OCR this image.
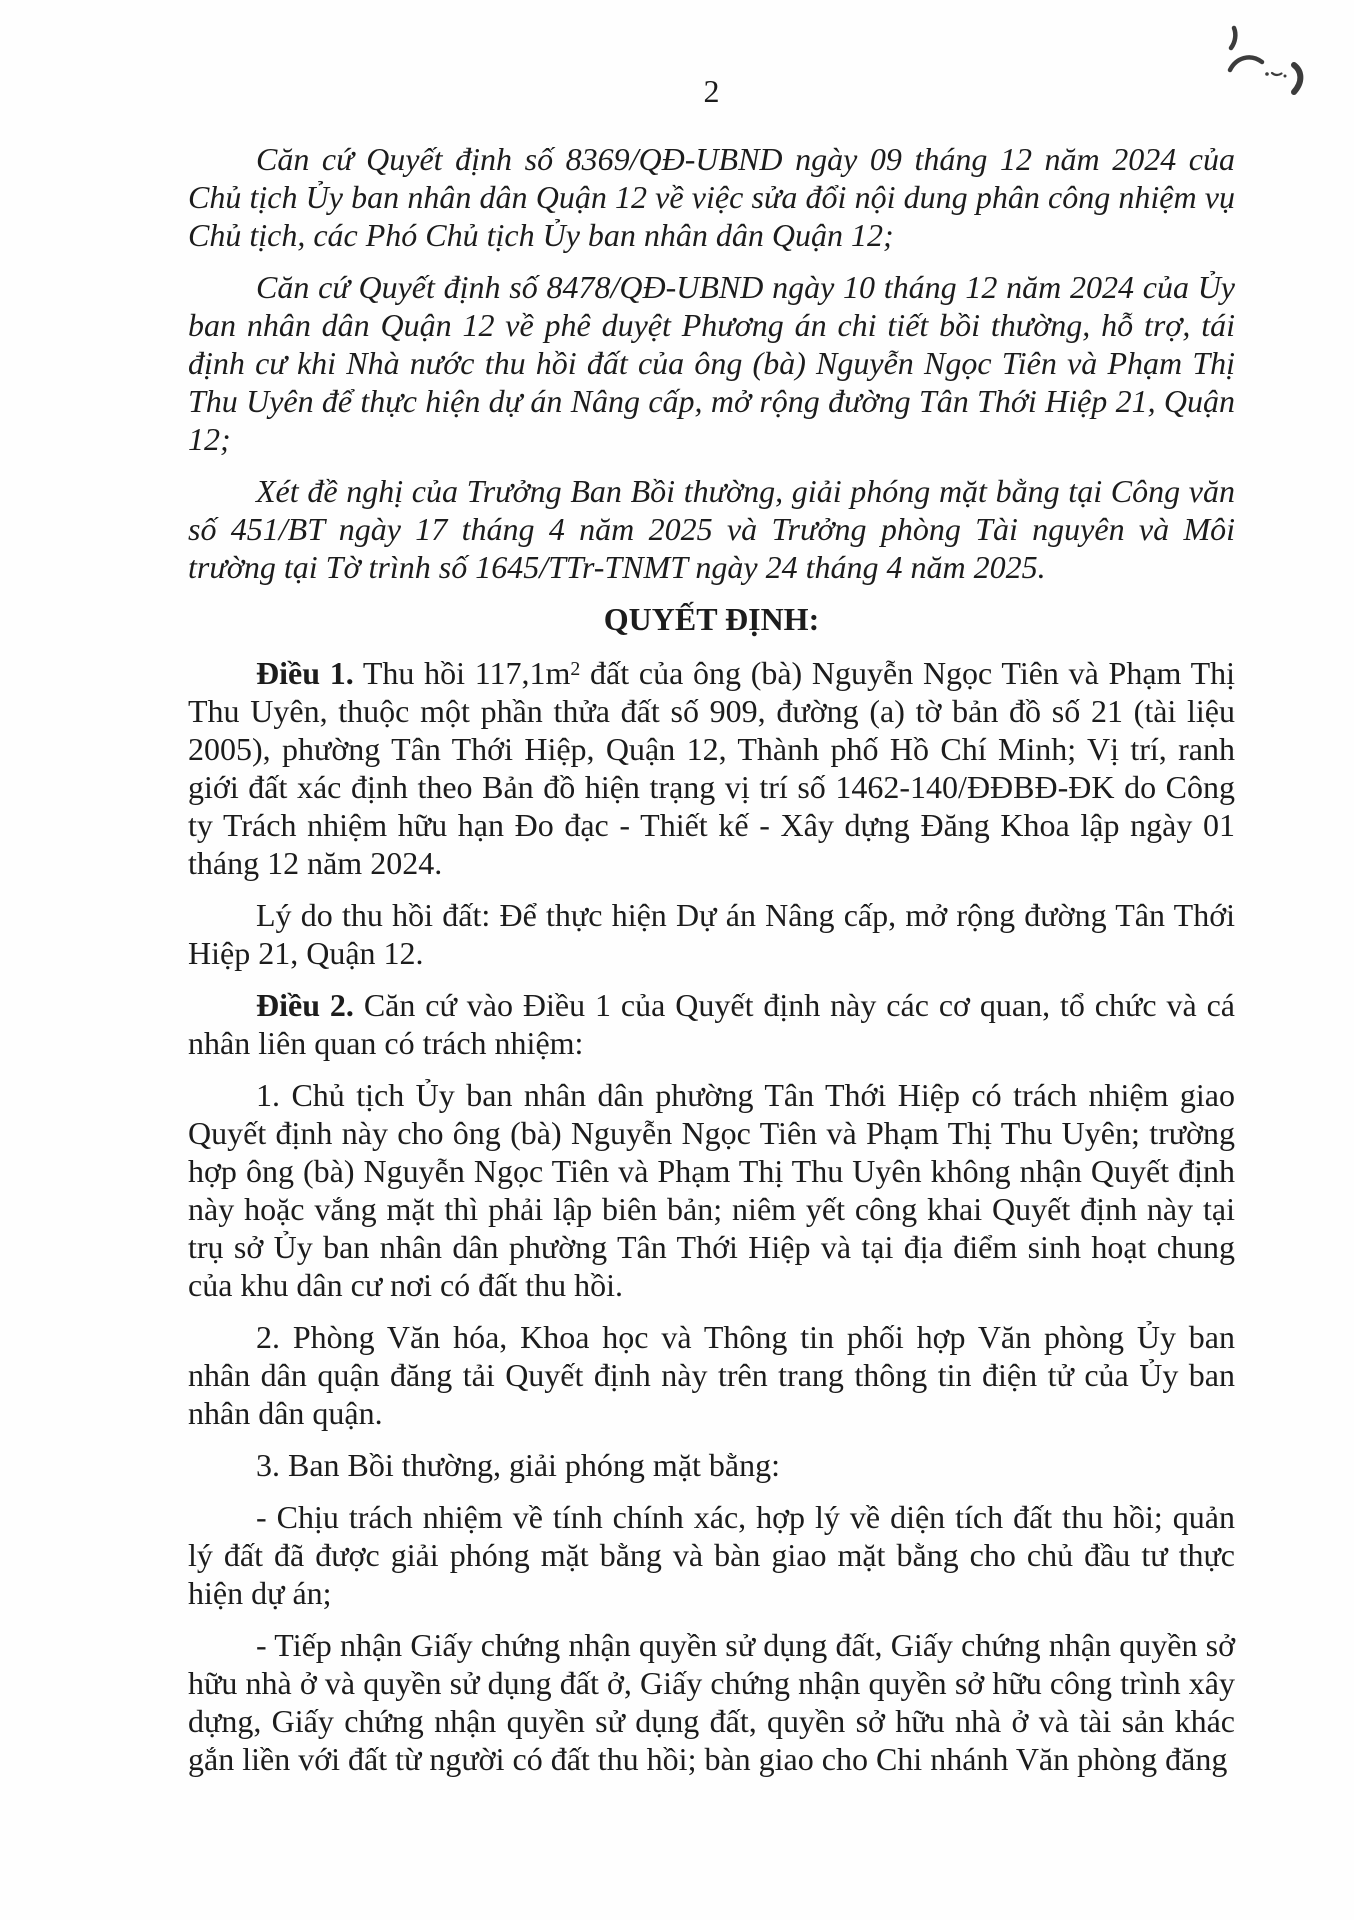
2
Căn cứ Quyết định số 8369/QĐ-UBND ngày 09 tháng 12 năm 2024 của Chủ tịch Ủy ban nhân dân Quận 12 về việc sửa đổi nội dung phân công nhiệm vụ Chủ tịch, các Phó Chủ tịch Ủy ban nhân dân Quận 12;
Căn cứ Quyết định số 8478/QĐ-UBND ngày 10 tháng 12 năm 2024 của Ủy ban nhân dân Quận 12 về phê duyệt Phương án chi tiết bồi thường, hỗ trợ, tái định cư khi Nhà nước thu hồi đất của ông (bà) Nguyễn Ngọc Tiên và Phạm Thị Thu Uyên để thực hiện dự án Nâng cấp, mở rộng đường Tân Thới Hiệp 21, Quận 12;
Xét đề nghị của Trưởng Ban Bồi thường, giải phóng mặt bằng tại Công văn số 451/BT ngày 17 tháng 4 năm 2025 và Trưởng phòng Tài nguyên và Môi trường tại Tờ trình số 1645/TTr-TNMT ngày 24 tháng 4 năm 2025.
QUYẾT ĐỊNH:
Điều 1. Thu hồi $117,1m^2$ đất của ông (bà) Nguyễn Ngọc Tiên và Phạm Thị Thu Uyên, thuộc một phần thửa đất số 909, đường (a) tờ bản đồ số 21 (tài liệu 2005), phường Tân Thới Hiệp, Quận 12, Thành phố Hồ Chí Minh; Vị trí, ranh giới đất xác định theo Bản đồ hiện trạng vị trí số 1462-140/ĐĐBĐ-ĐK do Công ty Trách nhiệm hữu hạn Đo đạc - Thiết kế - Xây dựng Đăng Khoa lập ngày 01 tháng 12 năm 2024.
Lý do thu hồi đất: Để thực hiện Dự án Nâng cấp, mở rộng đường Tân Thới Hiệp 21, Quận 12.
Điều 2. Căn cứ vào Điều 1 của Quyết định này các cơ quan, tổ chức và cá nhân liên quan có trách nhiệm:
1. Chủ tịch Ủy ban nhân dân phường Tân Thới Hiệp có trách nhiệm giao Quyết định này cho ông (bà) Nguyễn Ngọc Tiên và Phạm Thị Thu Uyên; trường hợp ông (bà) Nguyễn Ngọc Tiên và Phạm Thị Thu Uyên không nhận Quyết định này hoặc vắng mặt thì phải lập biên bản; niêm yết công khai Quyết định này tại trụ sở Ủy ban nhân dân phường Tân Thới Hiệp và tại địa điểm sinh hoạt chung của khu dân cư nơi có đất thu hồi.
2. Phòng Văn hóa, Khoa học và Thông tin phối hợp Văn phòng Ủy ban nhân dân quận đăng tải Quyết định này trên trang thông tin điện tử của Ủy ban nhân dân quận.
3. Ban Bồi thường, giải phóng mặt bằng:
- Chịu trách nhiệm về tính chính xác, hợp lý về diện tích đất thu hồi; quản lý đất đã được giải phóng mặt bằng và bàn giao mặt bằng cho chủ đầu tư thực hiện dự án;
- Tiếp nhận Giấy chứng nhận quyền sử dụng đất, Giấy chứng nhận quyền sở hữu nhà ở và quyền sử dụng đất ở, Giấy chứng nhận quyền sở hữu công trình xây dựng, Giấy chứng nhận quyền sử dụng đất, quyền sở hữu nhà ở và tài sản khác gắn liền với đất từ người có đất thu hồi; bàn giao cho Chi nhánh Văn phòng đăng
